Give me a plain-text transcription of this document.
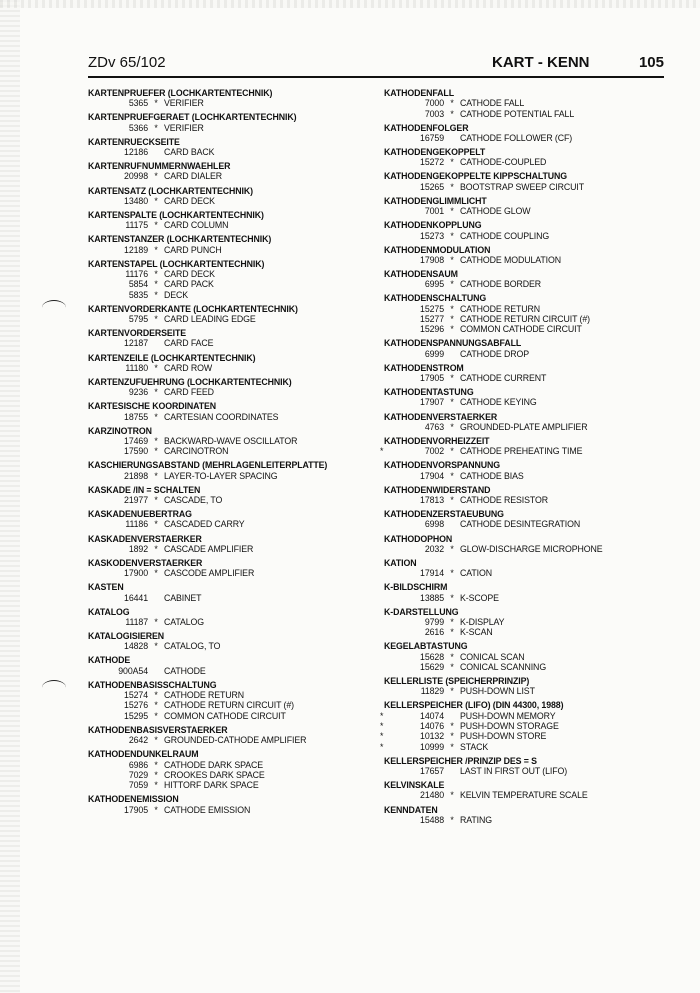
ZDv 65/102	KART - KENN	105
KARTENPRUEFER (LOCHKARTENTECHNIK)
5365 * VERIFIER
KARTENPRUEFGERAET (LOCHKARTENTECHNIK)
5366 * VERIFIER
KARTENRUECKSEITE
12186 CARD BACK
KARTENRUFNUMMERNWAEHLER
20998 * CARD DIALER
KARTENSATZ (LOCHKARTENTECHNIK)
13480 * CARD DECK
KARTENSPALTE (LOCHKARTENTECHNIK)
11175 * CARD COLUMN
KARTENSTANZER (LOCHKARTENTECHNIK)
12189 * CARD PUNCH
KARTENSTAPEL (LOCHKARTENTECHNIK)
11176 * CARD DECK
5854 * CARD PACK
5835 * DECK
KARTENVORDERKANTE (LOCHKARTENTECHNIK)
5795 * CARD LEADING EDGE
KARTENVORDERSEITE
12187 CARD FACE
KARTENZEILE (LOCHKARTENTECHNIK)
11180 * CARD ROW
KARTENZUFUEHRUNG (LOCHKARTENTECHNIK)
9236 * CARD FEED
KARTESISCHE KOORDINATEN
18755 * CARTESIAN COORDINATES
KARZINOTRON
17469 * BACKWARD-WAVE OSCILLATOR
17590 * CARCINOTRON
KASCHIERUNGSABSTAND (MEHRLAGENLEITERPLATTE)
21898 * LAYER-TO-LAYER SPACING
KASKADE /IN = SCHALTEN
21977 * CASCADE, TO
KASKADENUEBERTRAG
11186 * CASCADED CARRY
KASKADENVERSTAERKER
1892 * CASCADE AMPLIFIER
KASKODENVERSTAERKER
17900 * CASCODE AMPLIFIER
KASTEN
16441 CABINET
KATALOG
11187 * CATALOG
KATALOGISIEREN
14828 * CATALOG, TO
KATHODE
900A54 CATHODE
KATHODENBASISSCHALTUNG
15274 * CATHODE RETURN
15276 * CATHODE RETURN CIRCUIT (#)
15295 * COMMON CATHODE CIRCUIT
KATHODENBASISVERSTAERKER
2642 * GROUNDED-CATHODE AMPLIFIER
KATHODENDUNKELRAUM
6986 * CATHODE DARK SPACE
7029 * CROOKES DARK SPACE
7059 * HITTORF DARK SPACE
KATHODENEMISSION
17905 * CATHODE EMISSION
KATHODENFALL
7000 * CATHODE FALL
7003 * CATHODE POTENTIAL FALL
KATHODENFOLGER
16759 CATHODE FOLLOWER (CF)
KATHODENGEKOPPELT
15272 * CATHODE-COUPLED
KATHODENGEKOPPELTE KIPPSCHALTUNG
15265 * BOOTSTRAP SWEEP CIRCUIT
KATHODENGLIMMLICHT
7001 * CATHODE GLOW
KATHODENKOPPLUNG
15273 * CATHODE COUPLING
KATHODENMODULATION
17908 * CATHODE MODULATION
KATHODENSAUM
6995 * CATHODE BORDER
KATHODENSCHALTUNG
15275 * CATHODE RETURN
15277 * CATHODE RETURN CIRCUIT (#)
15296 * COMMON CATHODE CIRCUIT
KATHODENSPANNUNGSABFALL
6999 CATHODE DROP
KATHODENSTROM
17905 * CATHODE CURRENT
KATHODENTASTUNG
17907 * CATHODE KEYING
KATHODENVERSTAERKER
4763 * GROUNDED-PLATE AMPLIFIER
KATHODENVORHEIZZEIT
*	7002 * CATHODE PREHEATING TIME
KATHODENVORSPANNUNG
17904 * CATHODE BIAS
KATHODENWIDERSTAND
17813 * CATHODE RESISTOR
KATHODENZERSTAEUBUNG
6998 CATHODE DESINTEGRATION
KATHODOPHON
2032 * GLOW-DISCHARGE MICROPHONE
KATION
17914 * CATION
K-BILDSCHIRM
13885 * K-SCOPE
K-DARSTELLUNG
9799 * K-DISPLAY
2616 * K-SCAN
KEGELABTASTUNG
15628 * CONICAL SCAN
15629 * CONICAL SCANNING
KELLERLISTE (SPEICHERPRINZIP)
11829 * PUSH-DOWN LIST
KELLERSPEICHER (LIFO) (DIN 44300, 1988)
*	14074 PUSH-DOWN MEMORY
*	14076 * PUSH-DOWN STORAGE
*	10132 * PUSH-DOWN STORE
*	10999 * STACK
KELLERSPEICHER /PRINZIP DES = S
17657 LAST IN FIRST OUT (LIFO)
KELVINSKALE
21480 * KELVIN TEMPERATURE SCALE
KENNDATEN
15488 * RATING
